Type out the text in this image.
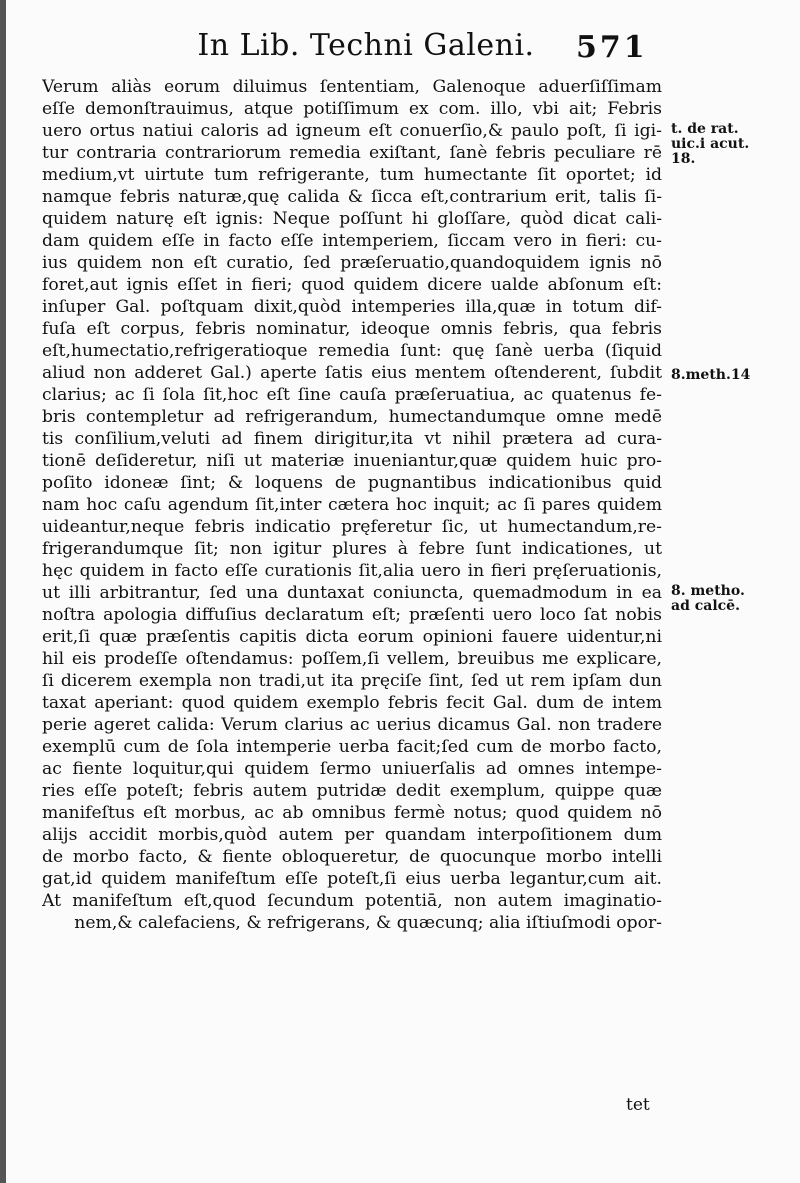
In Lib. Techni Galeni. 571
Verum aliàs eorum diluimus ſententiam, Galenoque aduerſiſſimam
eſſe demonſtrauimus, atque potiſſimum ex com. illo, vbi ait; Febris
uero ortus natiui caloris ad igneum eſt conuerſio,& paulo poſt, ſi igi-
tur contraria contrariorum remedia exiſtant, ſanè febris peculiare rē
medium,vt uirtute tum refrigerante, tum humectante ſit oportet; id
namque febris naturæ,quę calida & ſicca eſt,contrarium erit, talis ſi-
quidem naturę eſt ignis: Neque poſſunt hi gloſſare, quòd dicat cali-
dam quidem eſſe in facto eſſe intemperiem, ſiccam vero in fieri: cu-
ius quidem non eſt curatio, ſed præſeruatio,quandoquidem ignis nō
foret,aut ignis eſſet in fieri; quod quidem dicere ualde abſonum eſt:
inſuper Gal. poſtquam dixit,quòd intemperies illa,quæ in totum dif-
fuſa eſt corpus, febris nominatur, ideoque omnis febris, qua febris
eſt,humectatio,refrigeratioque remedia ſunt: quę ſanè uerba (ſiquid
aliud non adderet Gal.) aperte ſatis eius mentem oſtenderent, ſubdit
clarius; ac ſi ſola ſit,hoc eſt ſine cauſa præſeruatiua, ac quatenus fe-
bris contempletur ad refrigerandum, humectandumque omne medē
tis conſilium,veluti ad finem dirigitur,ita vt nihil prætera ad cura-
tionē deſideretur, niſi ut materiæ inueniantur,quæ quidem huic pro-
poſito idoneæ ſint; & loquens de pugnantibus indicationibus quid
nam hoc caſu agendum ſit,inter cætera hoc inquit; ac ſi pares quidem
uideantur,neque febris indicatio pręferetur ſic, ut humectandum,re-
frigerandumque ſit; non igitur plures à febre ſunt indicationes, ut
hęc quidem in facto eſſe curationis ſit,alia uero in fieri pręſeruationis,
ut illi arbitrantur, ſed una duntaxat coniuncta, quemadmodum in ea
noſtra apologia diffuſius declaratum eſt; præſenti uero loco ſat nobis
erit,ſi quæ præſentis capitis dicta eorum opinioni fauere uidentur,ni
hil eis prodeſſe oſtendamus: poſſem,ſi vellem, breuibus me explicare,
ſi dicerem exempla non tradi,ut ita pręciſe ſint, ſed ut rem ipſam dun
taxat aperiant: quod quidem exemplo febris fecit Gal. dum de intem
perie ageret calida: Verum clarius ac uerius dicamus Gal. non tradere
exemplū cum de ſola intemperie uerba facit;ſed cum de morbo facto,
ac fiente loquitur,qui quidem ſermo uniuerſalis ad omnes intempe-
ries eſſe poteſt; febris autem putridæ dedit exemplum, quippe quæ
manifeſtus eſt morbus, ac ab omnibus fermè notus; quod quidem nō
alijs accidit morbis,quòd autem per quandam interpoſitionem dum
de morbo facto, & fiente obloqueretur, de quocunque morbo intelli
gat,id quidem manifeſtum eſſe poteſt,ſi eius uerba legantur,cum ait.
At manifeſtum eſt,quod ſecundum potentiā, non autem imaginatio-
nem,& calefaciens, & refrigerans, & quæcunq; alia iſtiuſmodi opor-
t. de rat.
uic.i acut.
18.
8.meth.14
8. metho.
ad calcē.
tet
